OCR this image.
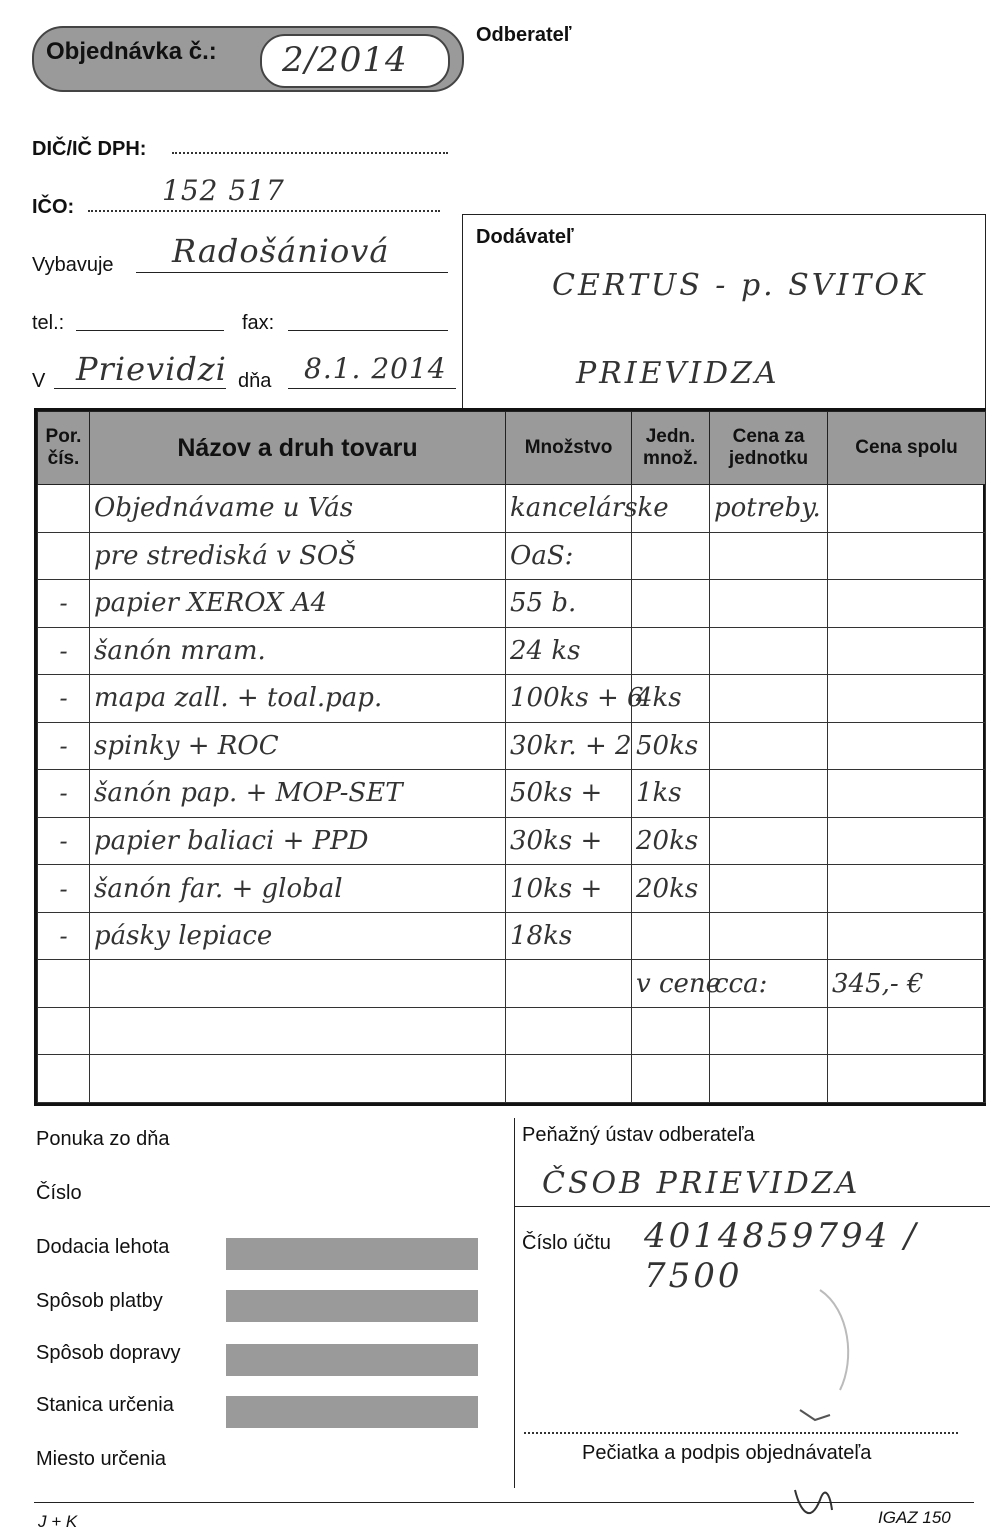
Objednávka č.: 2/2014
Odberateľ
DIČ/IČ DPH:
IČO:	152 517
Vybavuje Radošániová
tel.:	fax:
V Prievidzi dňa 8.1. 2014
Dodávateľ
CERTUS - p. SVITOK
PRIEVIDZA
Por. čís.	Názov a druh tovaru	Množstvo	Jedn. množ.	Cena za jednotku	Cena spolu
	Objednávame u Vás	kancelárske		potreby.	
	pre strediská v SOŠ	OaS:			
-	papier XEROX A4	55 b.			
-	šanón mram.	24 ks			
-	mapa zall. + toal.pap.	100ks + 6	4ks		
-	spinky + ROC	30kr. + 2	50ks		
-	šanón pap. + MOP-SET	50ks +	1ks		
-	papier baliaci + PPD	30ks +	20ks		
-	šanón far. + global	10ks +	20ks		
-	pásky lepiace	18ks			
			v cene	cca:	345,- €

Ponuka zo dňa
Číslo
Dodacia lehota
Spôsob platby
Spôsob dopravy
Stanica určenia
Miesto určenia
Peňažný ústav odberateľa
ČSOB PRIEVIDZA
Číslo účtu 4014859794 / 7500
Pečiatka a podpis objednávateľa
J + K	IGAZ 150
